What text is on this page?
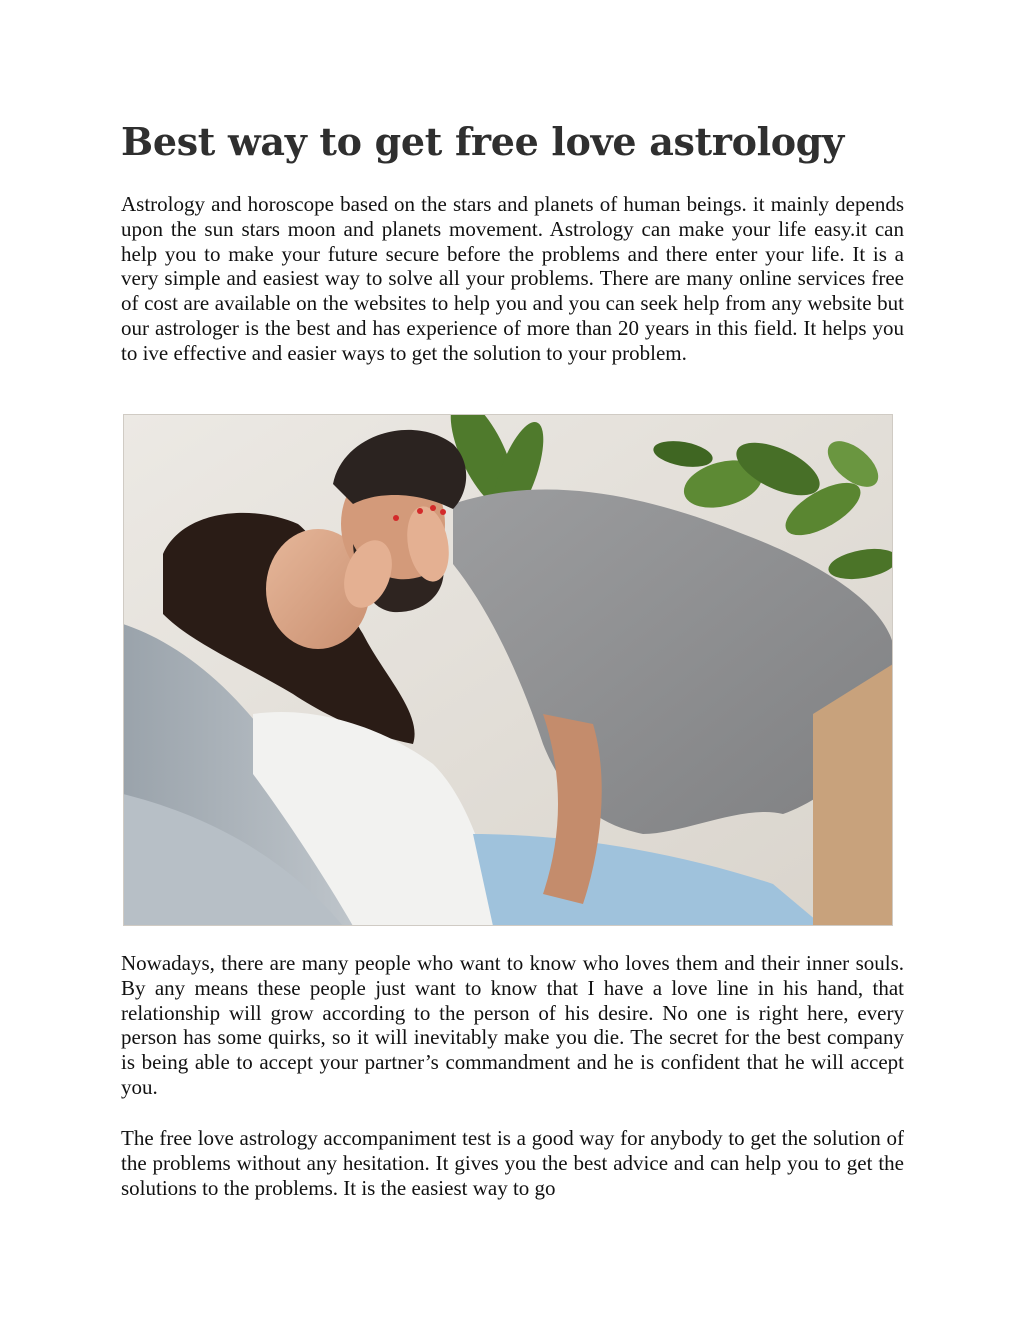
Best way to get free love astrology

Astrology and horoscope based on the stars and planets of human beings. it mainly depends upon the sun stars moon and planets movement. Astrology can make your life easy.it can help you to make your future secure before the problems and there enter your life. It is a very simple and easiest way to solve all your problems. There are many online services free of cost are available on the websites to help you and you can seek help from any website but our astrologer is the best and has experience of more than 20 years in this field. It helps you to ive effective and easier ways to get the solution to your problem.

Nowadays, there are many people who want to know who loves them and their inner souls. By any means these people just want to know that I have a love line in his hand, that relationship will grow according to the person of his desire. No one is right here, every person has some quirks, so it will inevitably make you die. The secret for the best company is being able to accept your partner’s commandment and he is confident that he will accept you.

The free love astrology accompaniment test is a good way for anybody to get the solution of the problems without any hesitation. It gives you the best advice and can help you to get the solutions to the problems. It is the easiest way to go
